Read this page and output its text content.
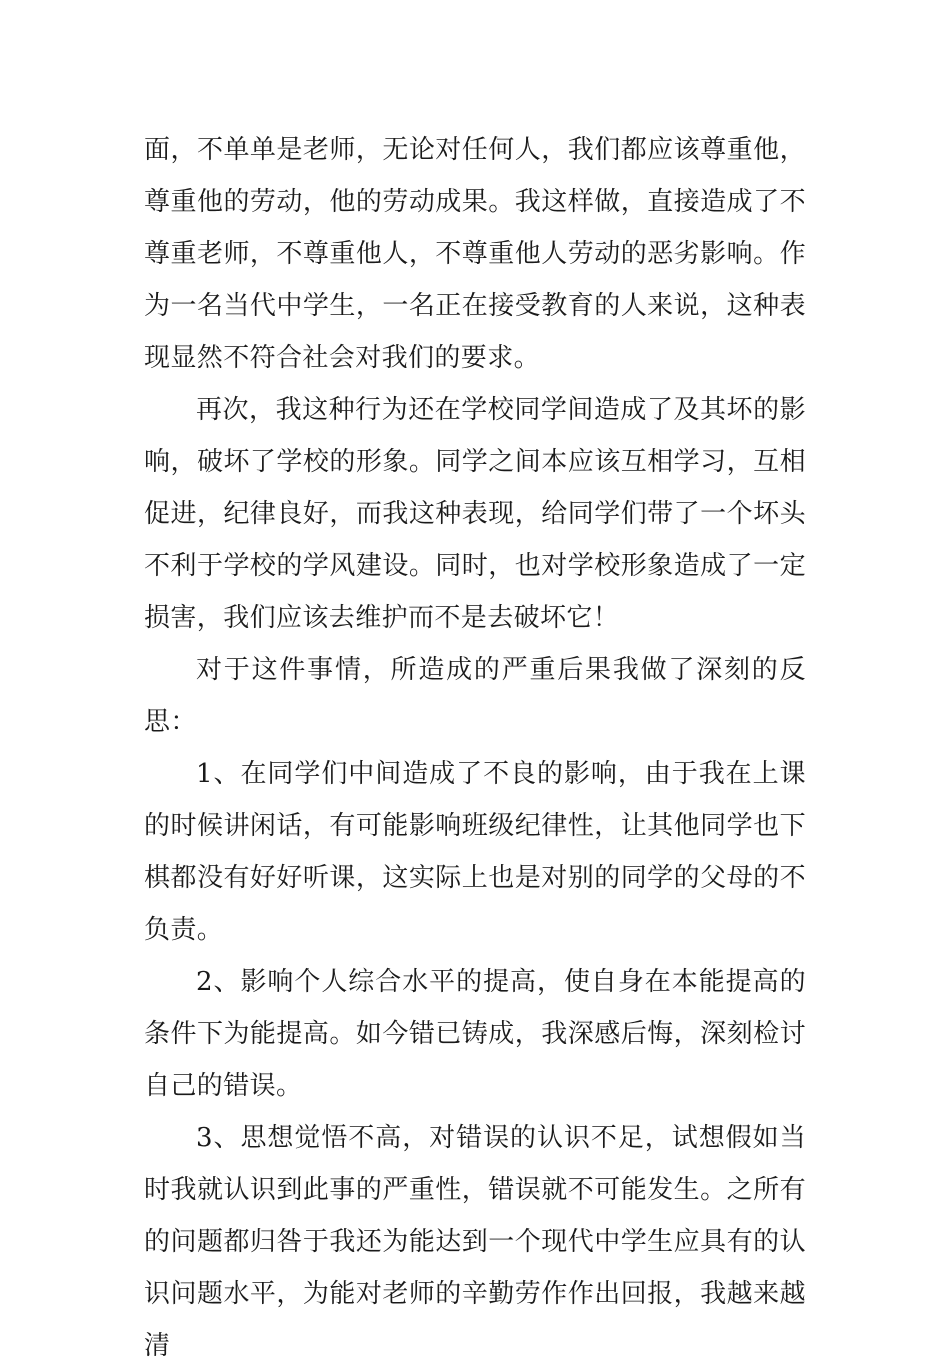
面，不单单是老师，无论对任何人，我们都应该尊重他，尊重他的劳动，他的劳动成果。我这样做，直接造成了不尊重老师，不尊重他人，不尊重他人劳动的恶劣影响。作为一名当代中学生，一名正在接受教育的人来说，这种表现显然不符合社会对我们的要求。

再次，我这种行为还在学校同学间造成了及其坏的影响，破坏了学校的形象。同学之间本应该互相学习，互相促进，纪律良好，而我这种表现，给同学们带了一个坏头不利于学校的学风建设。同时，也对学校形象造成了一定损害，我们应该去维护而不是去破坏它！

对于这件事情，所造成的严重后果我做了深刻的反思：

1、在同学们中间造成了不良的影响，由于我在上课的时候讲闲话，有可能影响班级纪律性，让其他同学也下棋都没有好好听课，这实际上也是对别的同学的父母的不负责。

2、影响个人综合水平的提高，使自身在本能提高的条件下为能提高。如今错已铸成，我深感后悔，深刻检讨自己的错误。

3、思想觉悟不高，对错误的认识不足，试想假如当时我就认识到此事的严重性，错误就不可能发生。之所有的问题都归咎于我还为能达到一个现代中学生应具有的认识问题水平，为能对老师的辛勤劳作作出回报，我越来越清
